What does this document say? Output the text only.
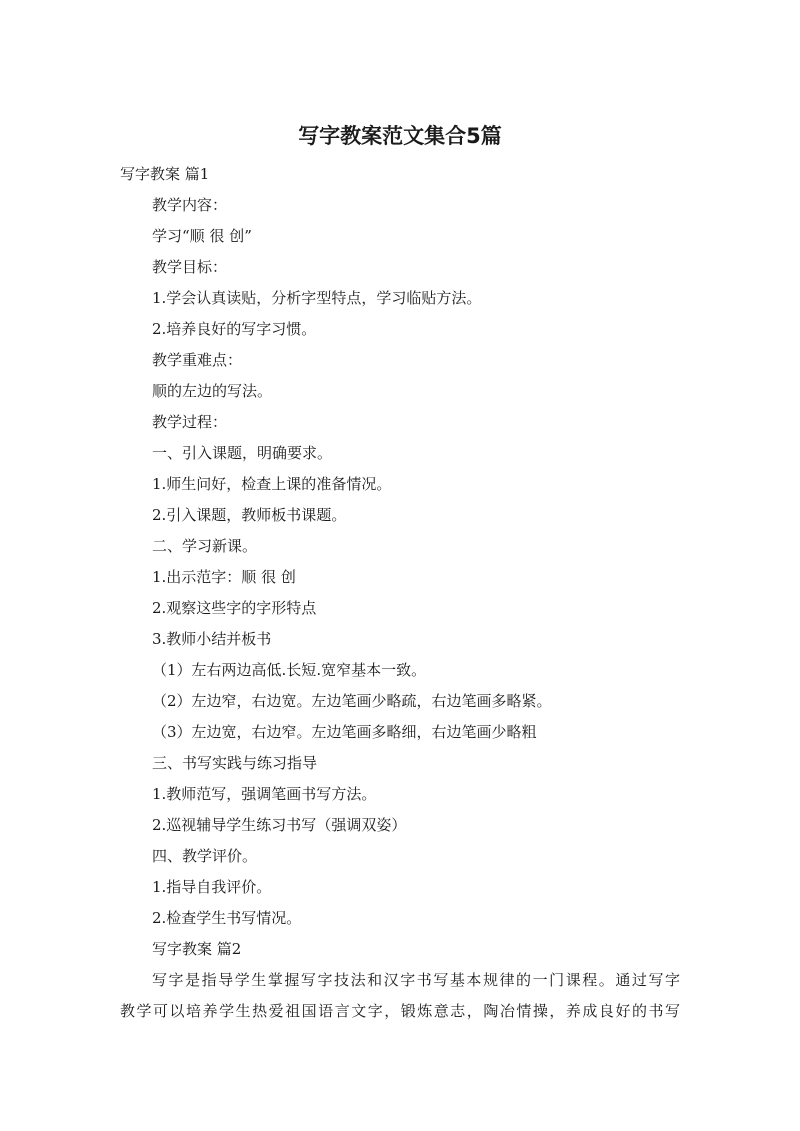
写字教案范文集合5篇

写字教案 篇1

教学内容：

学习“顺 很 创”

教学目标：

1.学会认真读贴，分析字型特点，学习临贴方法。

2.培养良好的写字习惯。

教学重难点：

顺的左边的写法。

教学过程：

一、引入课题，明确要求。

1.师生问好，检查上课的准备情况。

2.引入课题，教师板书课题。

二、学习新课。

1.出示范字：顺 很 创

2.观察这些字的字形特点

3.教师小结并板书

（1）左右两边高低.长短.宽窄基本一致。

（2）左边窄，右边宽。左边笔画少略疏，右边笔画多略紧。

（3）左边宽，右边窄。左边笔画多略细，右边笔画少略粗

三、书写实践与练习指导

1.教师范写，强调笔画书写方法。

2.巡视辅导学生练习书写（强调双姿）

四、教学评价。

1.指导自我评价。

2.检查学生书写情况。

写字教案 篇2

写字是指导学生掌握写字技法和汉字书写基本规律的一门课程。通过写字

教学可以培养学生热爱祖国语言文字，锻炼意志，陶冶情操，养成良好的书写
